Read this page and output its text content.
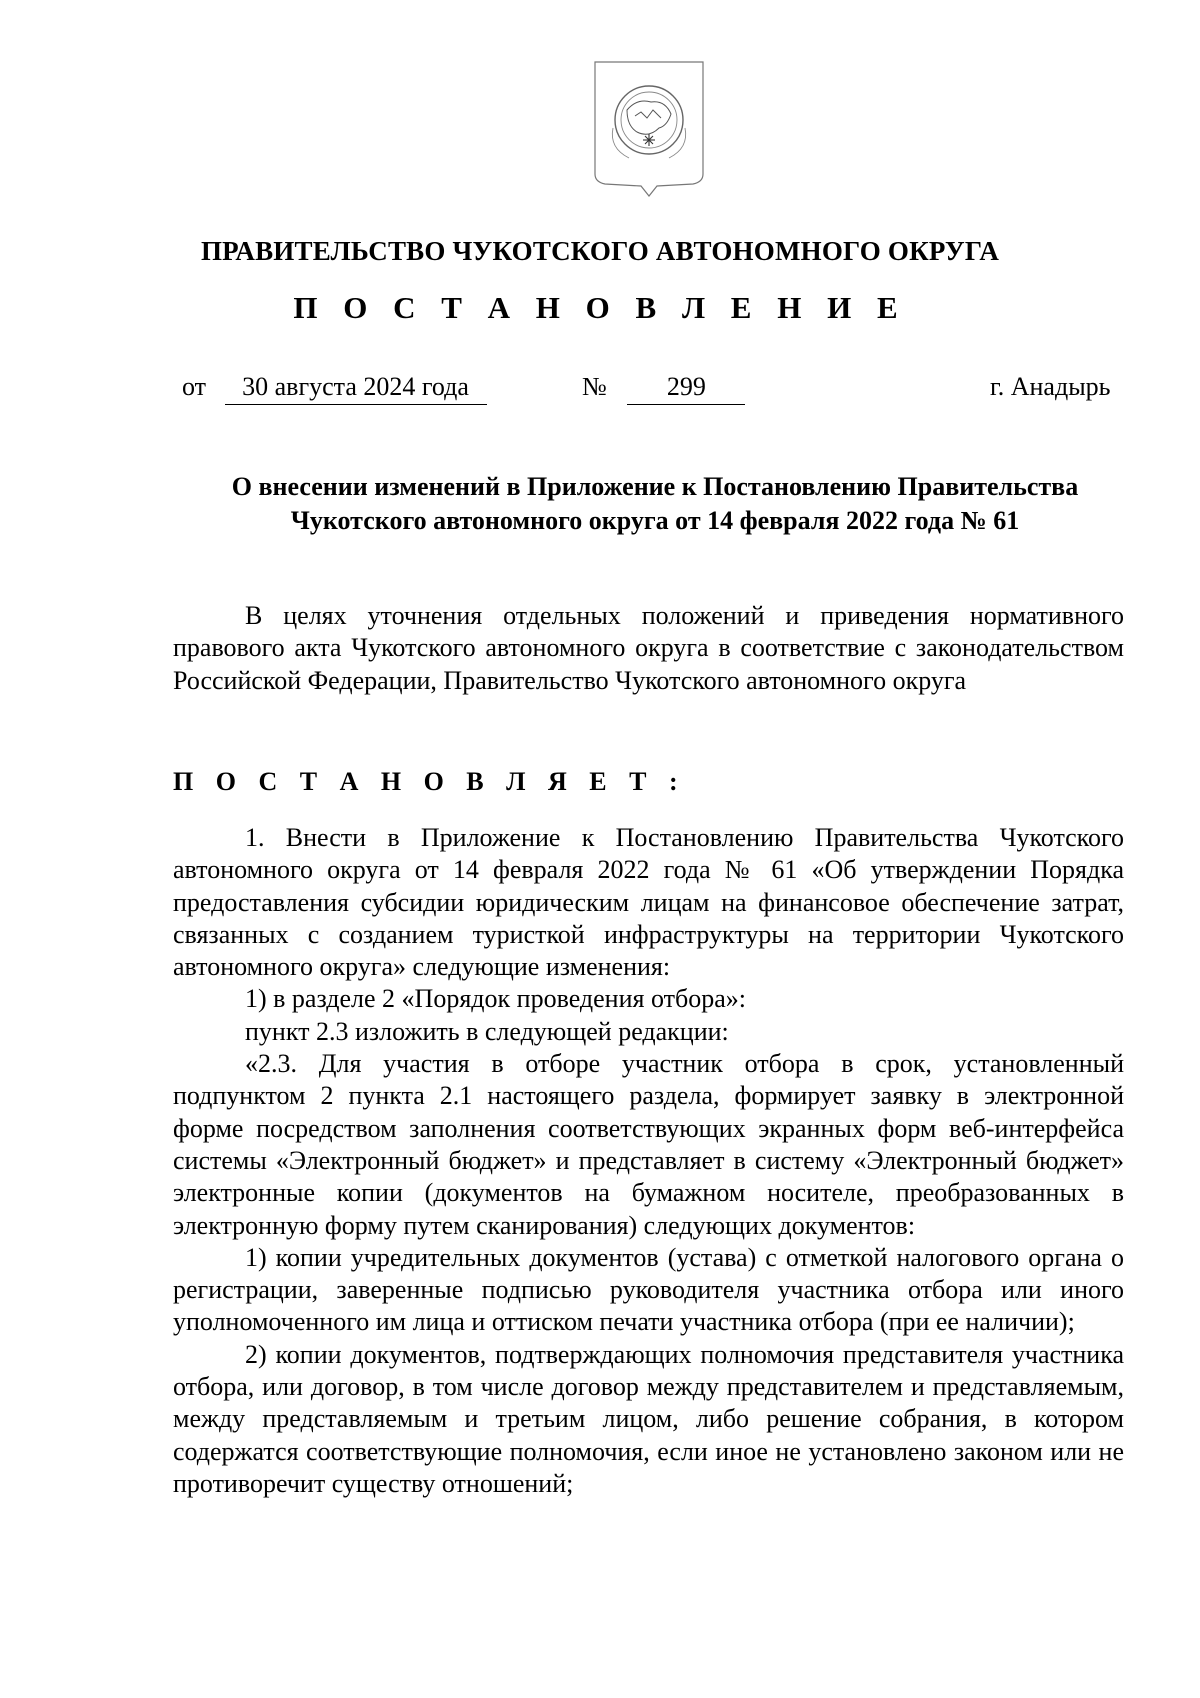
ПРАВИТЕЛЬСТВО ЧУКОТСКОГО АВТОНОМНОГО ОКРУГА
П О С Т А Н О В Л Е Н И Е
от 30 августа 2024 года	№ 299	г. Анадырь
О внесении изменений в Приложение к Постановлению Правительства
Чукотского автономного округа от 14 февраля 2022 года № 61

В целях уточнения отдельных положений и приведения нормативного правового акта Чукотского автономного округа в соответствие с законодательством Российской Федерации, Правительство Чукотского автономного округа

П О С Т А Н О В Л Я Е Т :

1. Внести в Приложение к Постановлению Правительства Чукотского автономного округа от 14 февраля 2022 года № 61 «Об утверждении Порядка предоставления субсидии юридическим лицам на финансовое обеспечение затрат, связанных с созданием туристкой инфраструктуры на территории Чукотского автономного округа» следующие изменения:

1) в разделе 2 «Порядок проведения отбора»:

пункт 2.3 изложить в следующей редакции:

«2.3. Для участия в отборе участник отбора в срок, установленный подпунктом 2 пункта 2.1 настоящего раздела, формирует заявку в электронной форме посредством заполнения соответствующих экранных форм веб-интерфейса системы «Электронный бюджет» и представляет в систему «Электронный бюджет» электронные копии (документов на бумажном носителе, преобразованных в электронную форму путем сканирования) следующих документов:

1) копии учредительных документов (устава) с отметкой налогового органа о регистрации, заверенные подписью руководителя участника отбора или иного уполномоченного им лица и оттиском печати участника отбора (при ее наличии);

2) копии документов, подтверждающих полномочия представителя участника отбора, или договор, в том числе договор между представителем и представляемым, между представляемым и третьим лицом, либо решение собрания, в котором содержатся соответствующие полномочия, если иное не установлено законом или не противоречит существу отношений;
